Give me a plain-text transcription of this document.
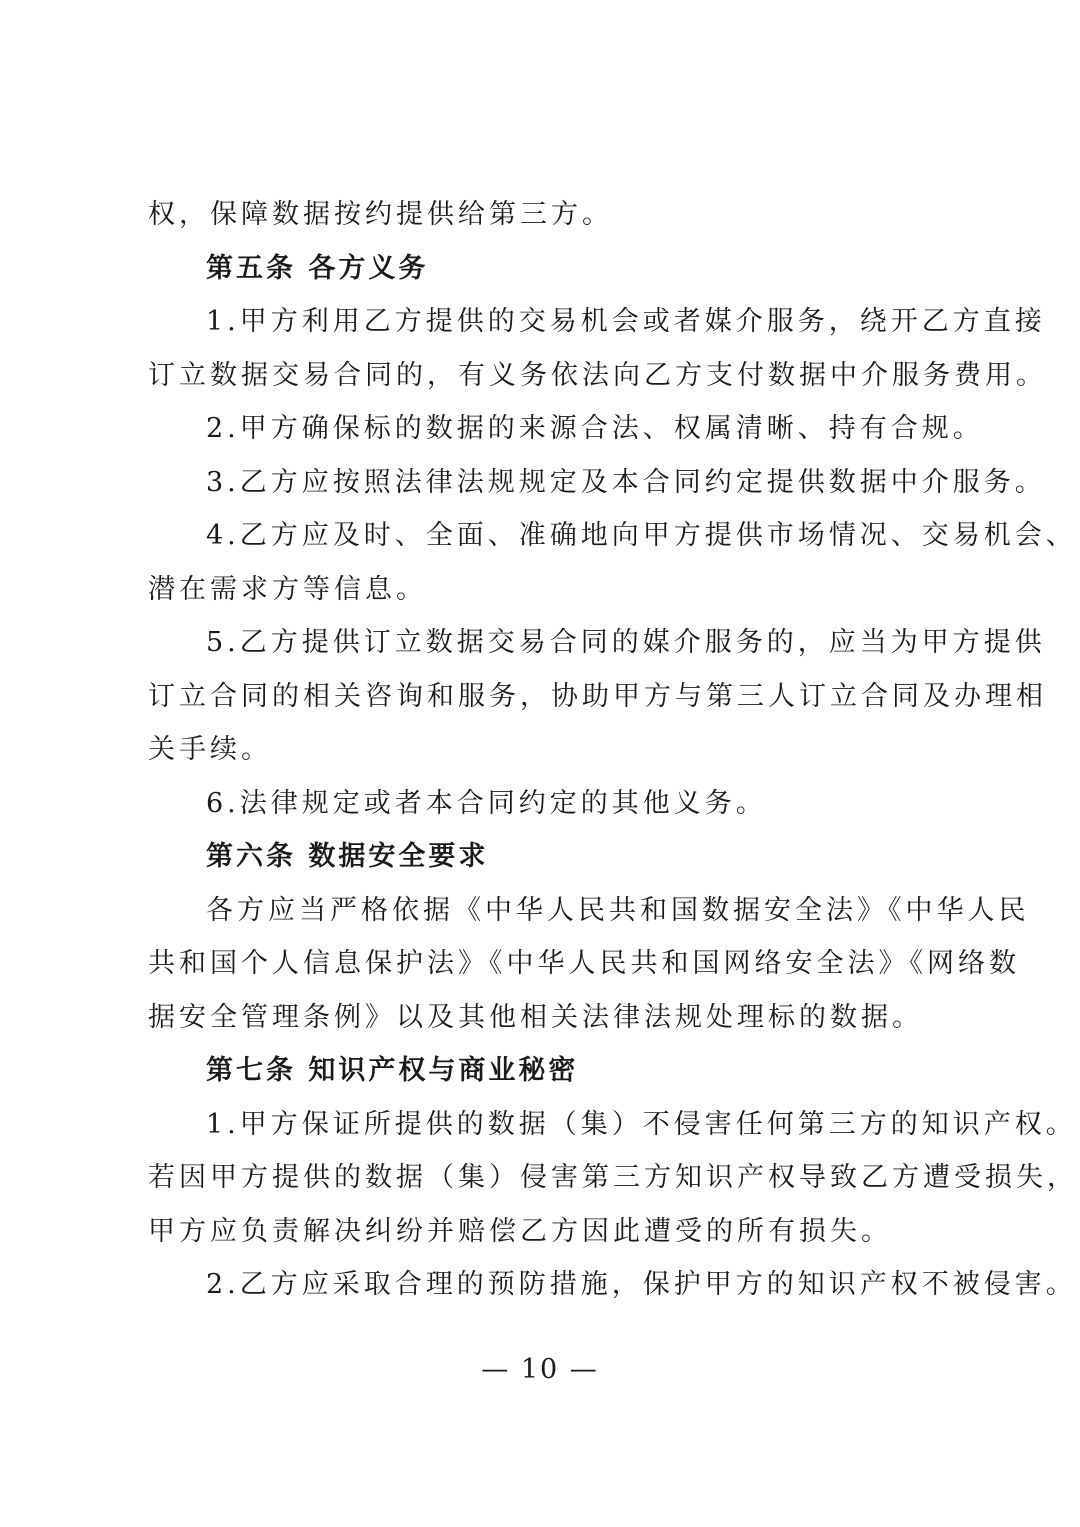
权，保障数据按约提供给第三方。
第五条 各方义务
1.甲方利用乙方提供的交易机会或者媒介服务，绕开乙方直接
订立数据交易合同的，有义务依法向乙方支付数据中介服务费用。
2.甲方确保标的数据的来源合法、权属清晰、持有合规。
3.乙方应按照法律法规规定及本合同约定提供数据中介服务。
4.乙方应及时、全面、准确地向甲方提供市场情况、交易机会、
潜在需求方等信息。
5.乙方提供订立数据交易合同的媒介服务的，应当为甲方提供
订立合同的相关咨询和服务，协助甲方与第三人订立合同及办理相
关手续。
6.法律规定或者本合同约定的其他义务。
第六条 数据安全要求
各方应当严格依据《中华人民共和国数据安全法》《中华人民
共和国个人信息保护法》《中华人民共和国网络安全法》《网络数
据安全管理条例》以及其他相关法律法规处理标的数据。
第七条 知识产权与商业秘密
1.甲方保证所提供的数据（集）不侵害任何第三方的知识产权。
若因甲方提供的数据（集）侵害第三方知识产权导致乙方遭受损失，
甲方应负责解决纠纷并赔偿乙方因此遭受的所有损失。
2.乙方应采取合理的预防措施，保护甲方的知识产权不被侵害。
— 10 —
